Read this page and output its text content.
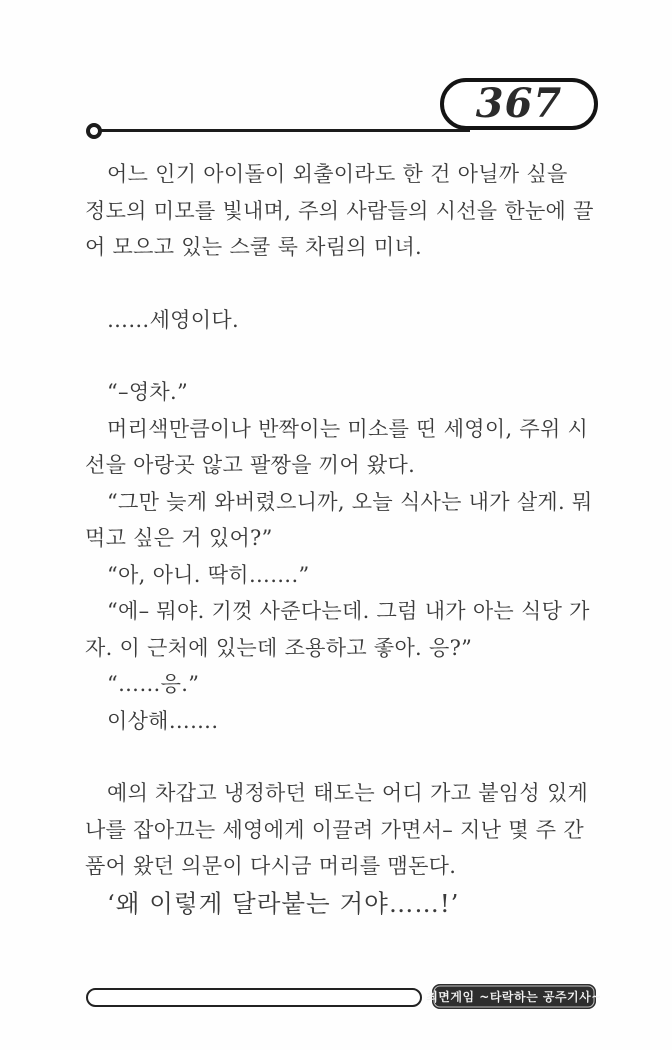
367

어느 인기 아이돌이 외출이라도 한 건 아닐까 싶을 정도의 미모를 빛내며, 주의 사람들의 시선을 한눈에 끌어 모으고 있는 스쿨 룩 차림의 미녀.

……세영이다.

“–영차.”

머리색만큼이나 반짝이는 미소를 띤 세영이, 주위 시선을 아랑곳 않고 팔짱을 끼어 왔다.

“그만 늦게 와버렸으니까, 오늘 식사는 내가 살게. 뭐 먹고 싶은 거 있어?”

“아, 아니. 딱히…….”

“에– 뭐야. 기껏 사준다는데. 그럼 내가 아는 식당 가자. 이 근처에 있는데 조용하고 좋아. 응?”

“……응.”

이상해…….

예의 차갑고 냉정하던 태도는 어디 가고 붙임성 있게 나를 잡아끄는 세영에게 이끌려 가면서– 지난 몇 주 간 품어 왔던 의문이 다시금 머리를 맴돈다.

‘왜 이렇게 달라붙는 거야……!’

최면게임 ~타락하는 공주기사~
